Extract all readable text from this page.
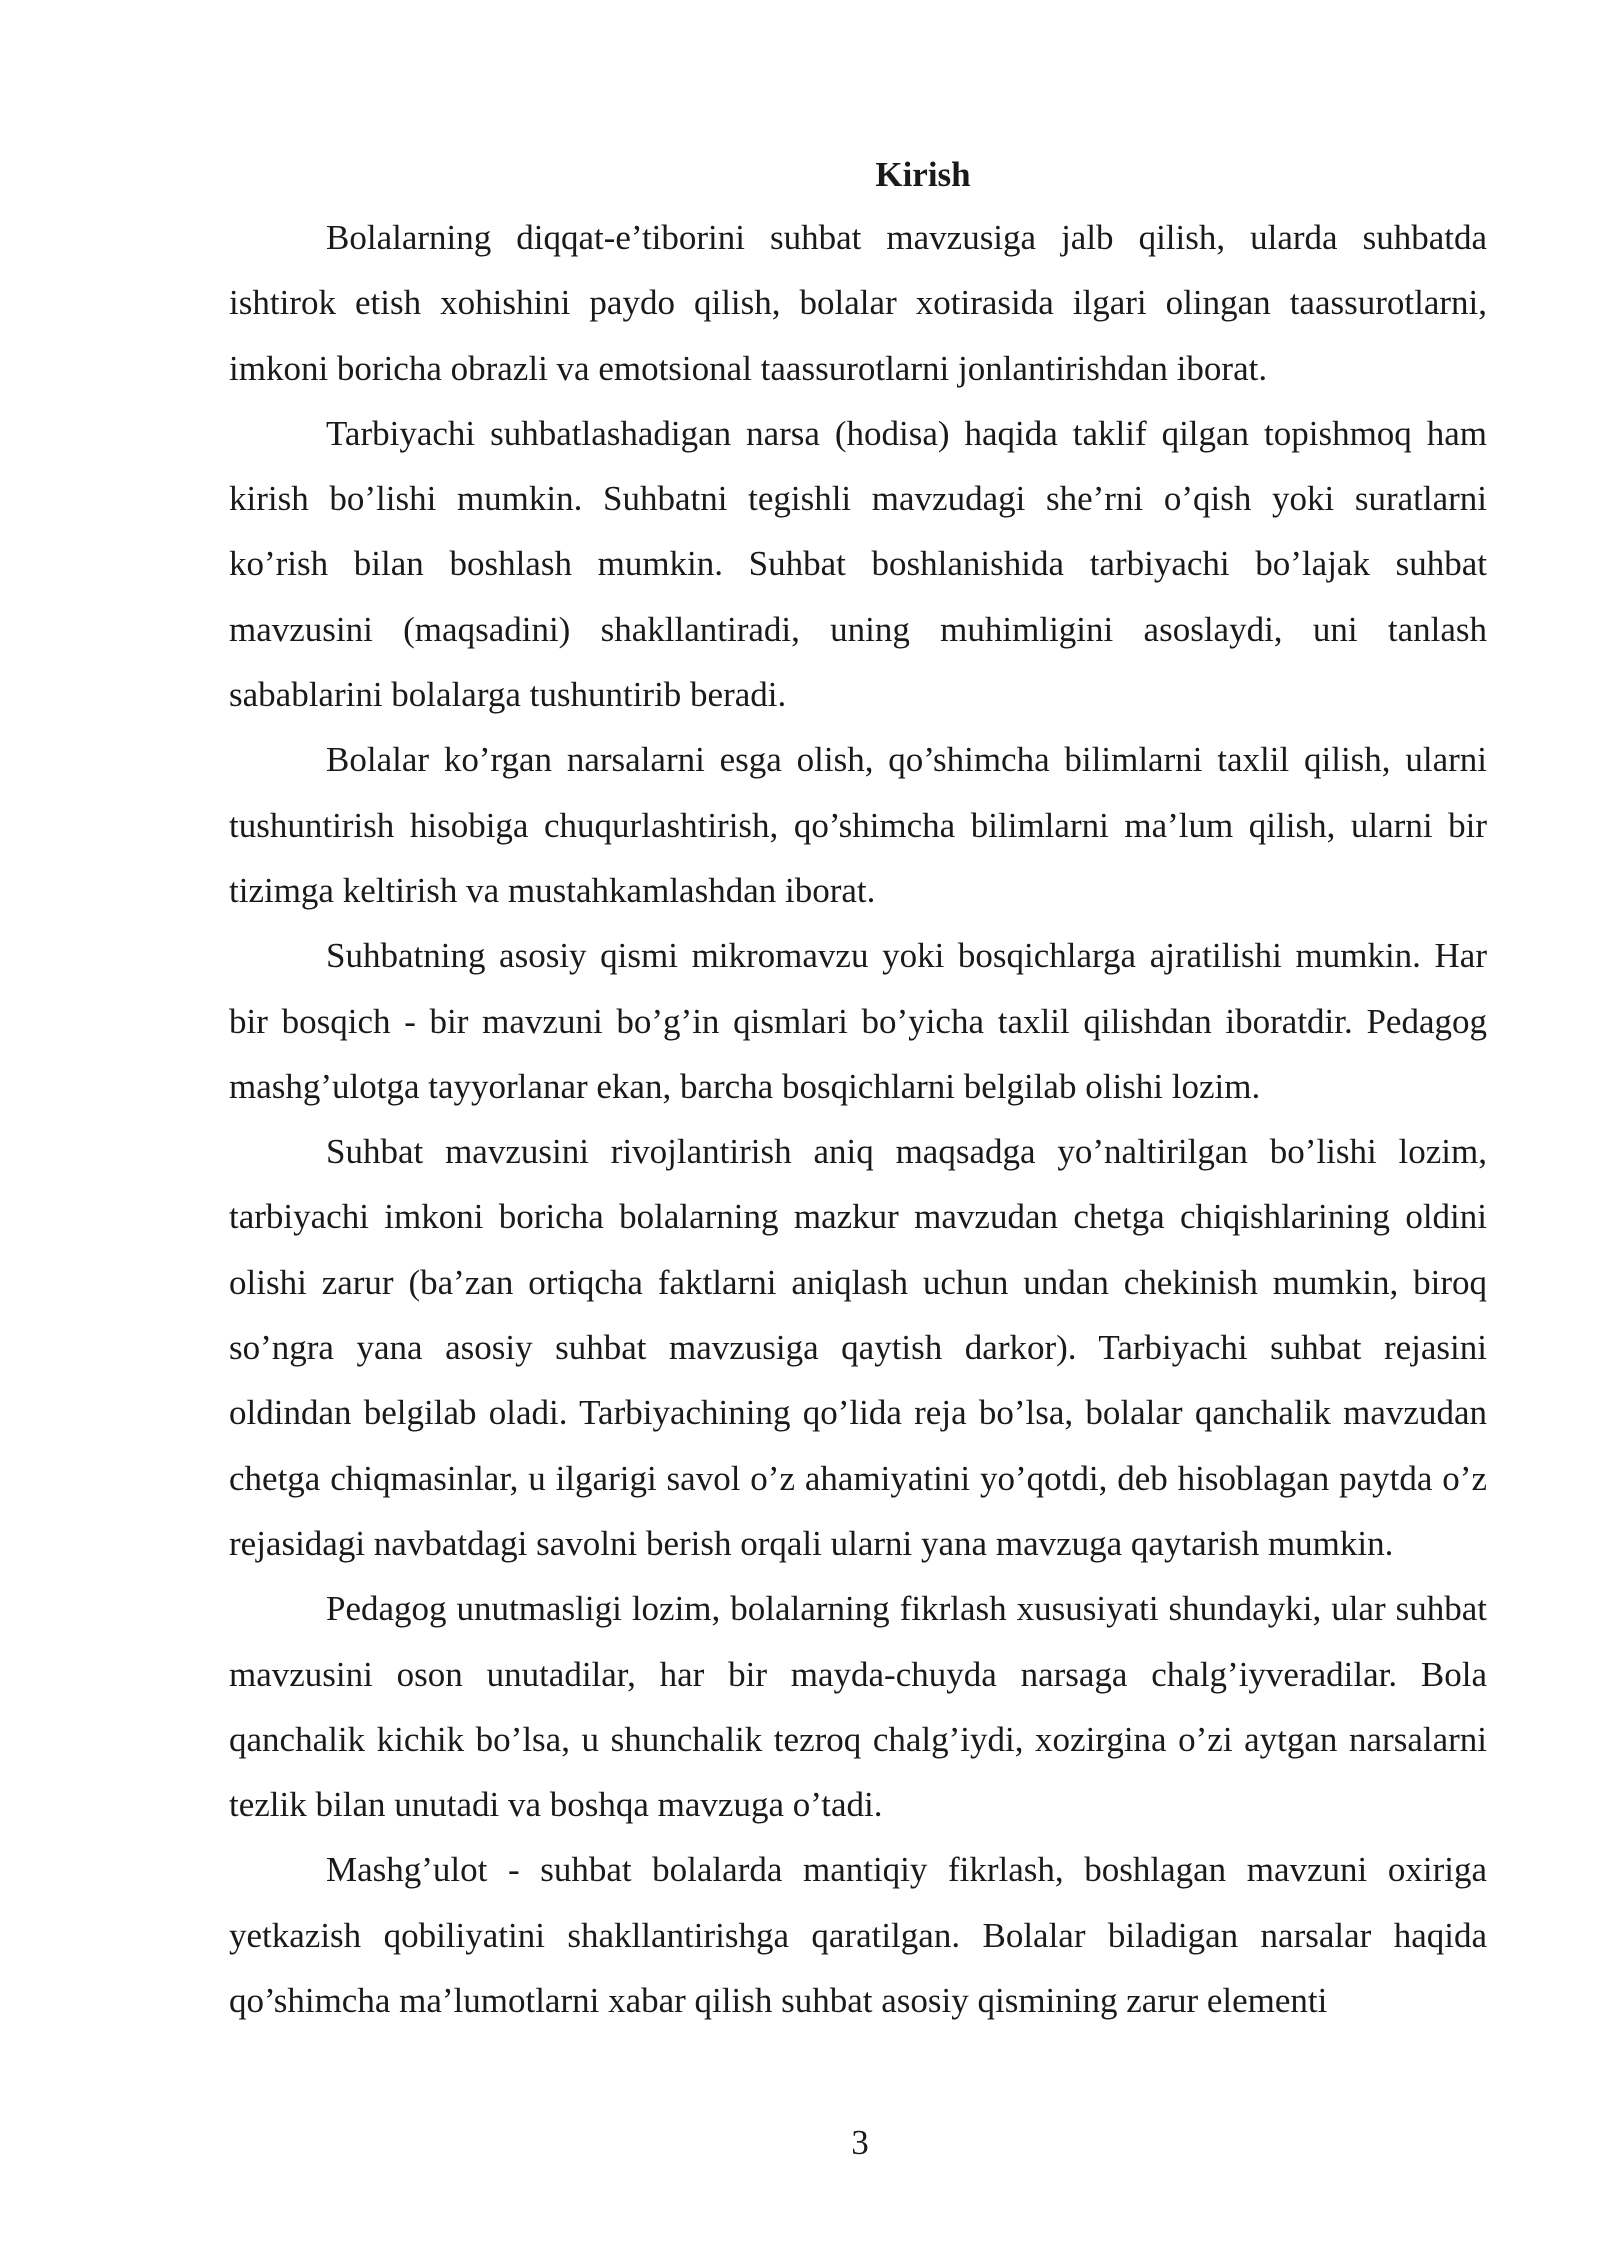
Kirish

Bolalarning diqqat-e’tiborini suhbat mavzusiga jalb qilish, ularda suhbatda ishtirok etish xohishini paydo qilish, bolalar xotirasida ilgari olingan taassurotlarni, imkoni boricha obrazli va emotsional taassurotlarni jonlantirishdan iborat.

Tarbiyachi suhbatlashadigan narsa (hodisa) haqida taklif qilgan topishmoq ham kirish bo’lishi mumkin. Suhbatni tegishli mavzudagi she’rni o’qish yoki suratlarni ko’rish bilan boshlash mumkin. Suhbat boshlanishida tarbiyachi bo’lajak suhbat mavzusini (maqsadini) shakllantiradi, uning muhimligini asoslaydi, uni tanlash sabablarini bolalarga tushuntirib beradi.

Bolalar ko’rgan narsalarni esga olish, qo’shimcha bilimlarni taxlil qilish, ularni tushuntirish hisobiga chuqurlashtirish, qo’shimcha bilimlarni ma’lum qilish, ularni bir tizimga keltirish va mustahkamlashdan iborat.

Suhbatning asosiy qismi mikromavzu yoki bosqichlarga ajratilishi mumkin. Har bir bosqich - bir mavzuni bo’g’in qismlari bo’yicha taxlil qilishdan iboratdir. Pedagog mashg’ulotga tayyorlanar ekan, barcha bosqichlarni belgilab olishi lozim.

Suhbat mavzusini rivojlantirish aniq maqsadga yo’naltirilgan bo’lishi lozim, tarbiyachi imkoni boricha bolalarning mazkur mavzudan chetga chiqishlarining oldini olishi zarur (ba’zan ortiqcha faktlarni aniqlash uchun undan chekinish mumkin, biroq so’ngra yana asosiy suhbat mavzusiga qaytish darkor). Tarbiyachi suhbat rejasini oldindan belgilab oladi. Tarbiyachining qo’lida reja bo’lsa, bolalar qanchalik mavzudan chetga chiqmasinlar, u ilgarigi savol o’z ahamiyatini yo’qotdi, deb hisoblagan paytda o’z rejasidagi navbatdagi savolni berish orqali ularni yana mavzuga qaytarish mumkin.

Pedagog unutmasligi lozim, bolalarning fikrlash xususiyati shundayki, ular suhbat mavzusini oson unutadilar, har bir mayda-chuyda narsaga chalg’iyveradilar. Bola qanchalik kichik bo’lsa, u shunchalik tezroq chalg’iydi, xozirgina o’zi aytgan narsalarni tezlik bilan unutadi va boshqa mavzuga o’tadi.

Mashg’ulot - suhbat bolalarda mantiqiy fikrlash, boshlagan mavzuni oxiriga yetkazish qobiliyatini shakllantirishga qaratilgan. Bolalar biladigan narsalar haqida qo’shimcha ma’lumotlarni xabar qilish suhbat asosiy qismining zarur elementi

3
